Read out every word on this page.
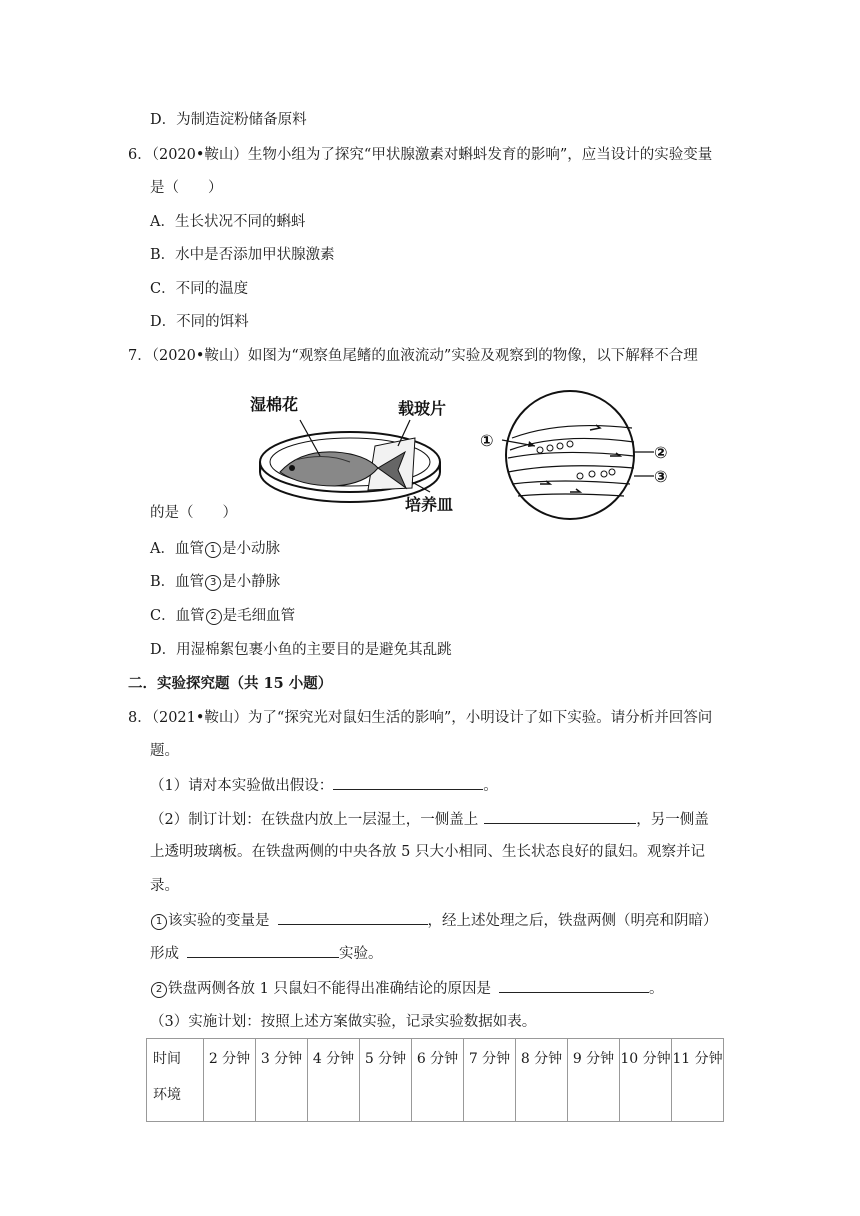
D．为制造淀粉储备原料
6．（2020•鞍山）生物小组为了探究“甲状腺激素对蝌蚪发育的影响”，应当设计的实验变量
是（　　）
A．生长状况不同的蝌蚪
B．水中是否添加甲状腺激素
C．不同的温度
D．不同的饵料
7．（2020•鞍山）如图为“观察鱼尾鳍的血液流动”实验及观察到的物像，以下解释不合理
湿棉花	载玻片
培养皿
①
②
③
的是（　　）
A．血管 1 是小动脉
B．血管 3 是小静脉
C．血管 2 是毛细血管
D．用湿棉絮包裹小鱼的主要目的是避免其乱跳
二．实验探究题（共 15 小题）
8．（2021•鞍山）为了“探究光对鼠妇生活的影响”，小明设计了如下实验。请分析并回答问
题。
（1）请对本实验做出假设：	。
（2）制订计划：在铁盘内放上一层湿土，一侧盖上	，另一侧盖
上透明玻璃板。在铁盘两侧的中央各放 5 只大小相同、生长状态良好的鼠妇。观察并记
录。
1 该实验的变量是	，经上述处理之后，铁盘两侧（明亮和阴暗）
形成	实验。
2 铁盘两侧各放 1 只鼠妇不能得出准确结论的原因是	。
（3）实施计划：按照上述方案做实验，记录实验数据如表。
时间
环境
	2 分钟	3 分钟	4 分钟	5 分钟	6 分钟	7 分钟	8 分钟	9 分钟	10 分钟	11 分钟
